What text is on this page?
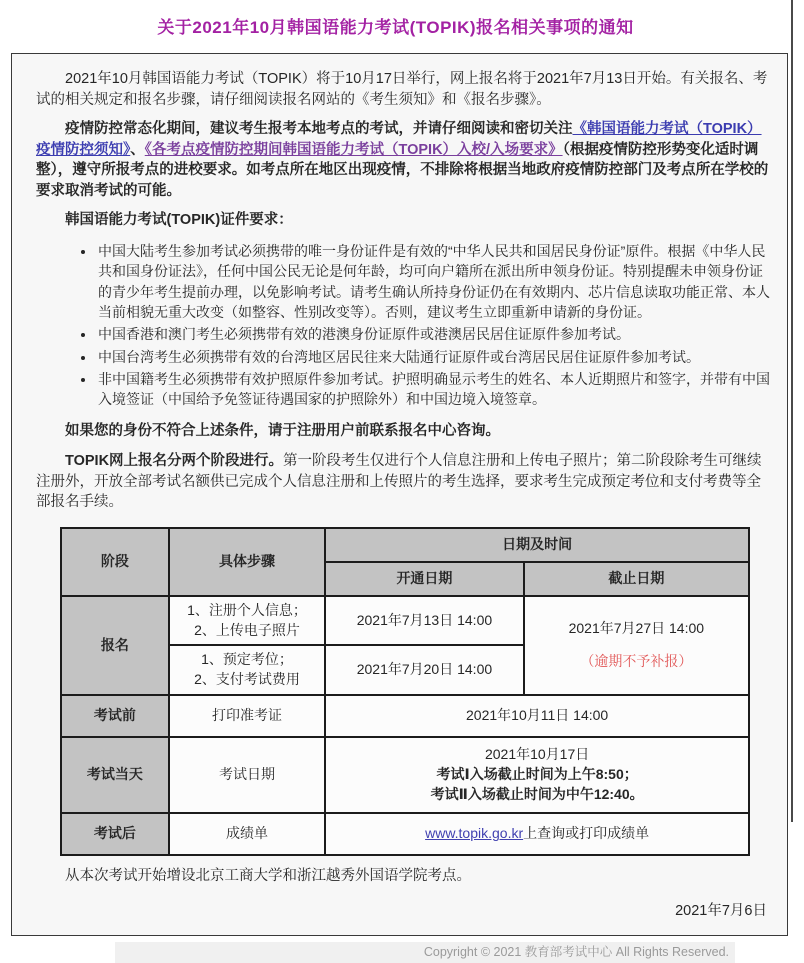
关于2021年10月韩国语能力考试(TOPIK)报名相关事项的通知

2021年10月韩国语能力考试（TOPIK）将于10月17日举行，网上报名将于2021年7月13日开始。有关报名、考试的相关规定和报名步骤，请仔细阅读报名网站的《考生须知》和《报名步骤》。

疫情防控常态化期间，建议考生报考本地考点的考试，并请仔细阅读和密切关注《韩国语能力考试（TOPIK）疫情防控须知》、《各考点疫情防控期间韩国语能力考试（TOPIK）入校/入场要求》（根据疫情防控形势变化适时调整），遵守所报考点的进校要求。如考点所在地区出现疫情，不排除将根据当地政府疫情防控部门及考点所在学校的要求取消考试的可能。

韩国语能力考试(TOPIK)证件要求：

• 中国大陆考生参加考试必须携带的唯一身份证件是有效的“中华人民共和国居民身份证”原件。根据《中华人民共和国身份证法》，任何中国公民无论是何年龄，均可向户籍所在派出所申领身份证。特别提醒未申领身份证的青少年考生提前办理，以免影响考试。请考生确认所持身份证仍在有效期内、芯片信息读取功能正常、本人当前相貌无重大改变（如整容、性别改变等）。否则，建议考生立即重新申请新的身份证。
• 中国香港和澳门考生必须携带有效的港澳身份证原件或港澳居民居住证原件参加考试。
• 中国台湾考生必须携带有效的台湾地区居民往来大陆通行证原件或台湾居民居住证原件参加考试。
• 非中国籍考生必须携带有效护照原件参加考试。护照明确显示考生的姓名、本人近期照片和签字，并带有中国入境签证（中国给予免签证待遇国家的护照除外）和中国边境入境签章。

如果您的身份不符合上述条件，请于注册用户前联系报名中心咨询。

TOPIK网上报名分两个阶段进行。第一阶段考生仅进行个人信息注册和上传电子照片；第二阶段除考生可继续注册外，开放全部考试名额供已完成个人信息注册和上传照片的考生选择，要求考生完成预定考位和支付考费等全部报名手续。

阶段	具体步骤	日期及时间	
		开通日期	截止日期
报名	1、注册个人信息；
2、上传电子照片	2021年7月13日 14:00	2021年7月27日 14:00
（逾期不予补报）

	1、预定考位；
2、支付考试费用	2021年7月20日 14:00	
考试前	打印准考证	2021年10月11日 14:00	
考试当天	考试日期	2021年10月17日
考试Ⅰ入场截止时间为上午8:50；
考试Ⅱ入场截止时间为中午12:40。	

考试后	成绩单	www.topik.go.kr上查询或打印成绩单	

从本次考试开始增设北京工商大学和浙江越秀外国语学院考点。

2021年7月6日

Copyright © 2021 教育部考试中心 All Rights Reserved.
